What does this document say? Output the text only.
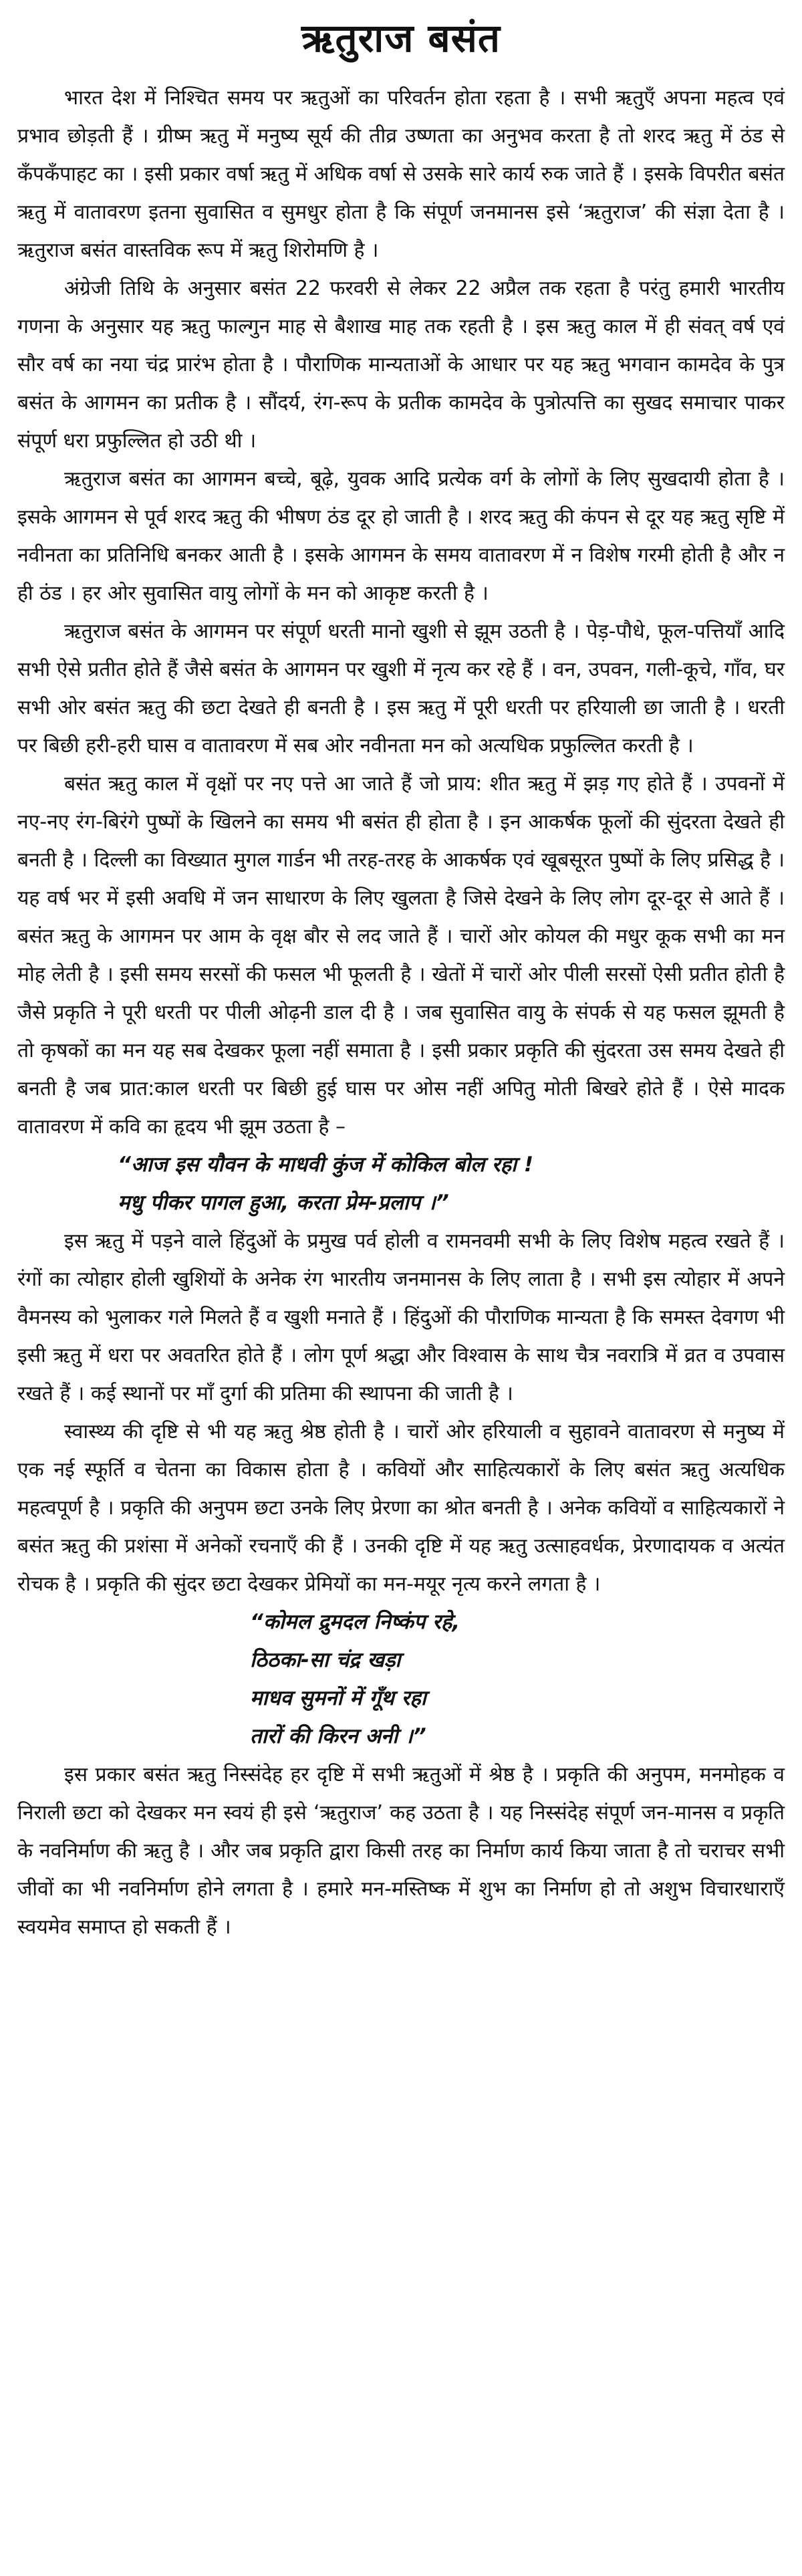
ऋतुराज बसंत

भारत देश में निश्चित समय पर ऋतुओं का परिवर्तन होता रहता है । सभी ऋतुएँ अपना महत्व एवं प्रभाव छोड़ती हैं । ग्रीष्म ऋतु में मनुष्य सूर्य की तीव्र उष्णता का अनुभव करता है तो शरद ऋतु में ठंड से कँपकँपाहट का । इसी प्रकार वर्षा ऋतु में अधिक वर्षा से उसके सारे कार्य रुक जाते हैं । इसके विपरीत बसंत ऋतु में वातावरण इतना सुवासित व सुमधुर होता है कि संपूर्ण जनमानस इसे ‘ऋतुराज’ की संज्ञा देता है । ऋतुराज बसंत वास्तविक रूप में ऋतु शिरोमणि है ।

अंग्रेजी तिथि के अनुसार बसंत 22 फरवरी से लेकर 22 अप्रैल तक रहता है परंतु हमारी भारतीय गणना के अनुसार यह ऋतु फाल्गुन माह से बैशाख माह तक रहती है । इस ऋतु काल में ही संवत् वर्ष एवं सौर वर्ष का नया चंद्र प्रारंभ होता है । पौराणिक मान्यताओं के आधार पर यह ऋतु भगवान कामदेव के पुत्र बसंत के आगमन का प्रतीक है । सौंदर्य, रंग-रूप के प्रतीक कामदेव के पुत्रोत्पत्ति का सुखद समाचार पाकर संपूर्ण धरा प्रफुल्लित हो उठी थी ।

ऋतुराज बसंत का आगमन बच्चे, बूढ़े, युवक आदि प्रत्येक वर्ग के लोगों के लिए सुखदायी होता है । इसके आगमन से पूर्व शरद ऋतु की भीषण ठंड दूर हो जाती है । शरद ऋतु की कंपन से दूर यह ऋतु सृष्टि में नवीनता का प्रतिनिधि बनकर आती है । इसके आगमन के समय वातावरण में न विशेष गरमी होती है और न ही ठंड । हर ओर सुवासित वायु लोगों के मन को आकृष्ट करती है ।

ऋतुराज बसंत के आगमन पर संपूर्ण धरती मानो खुशी से झूम उठती है । पेड़-पौधे, फूल-पत्तियाँ आदि सभी ऐसे प्रतीत होते हैं जैसे बसंत के आगमन पर खुशी में नृत्य कर रहे हैं । वन, उपवन, गली-कूचे, गाँव, घर सभी ओर बसंत ऋतु की छटा देखते ही बनती है । इस ऋतु में पूरी धरती पर हरियाली छा जाती है । धरती पर बिछी हरी-हरी घास व वातावरण में सब ओर नवीनता मन को अत्यधिक प्रफुल्लित करती है ।

बसंत ऋतु काल में वृक्षों पर नए पत्ते आ जाते हैं जो प्राय: शीत ऋतु में झड़ गए होते हैं । उपवनों में नए-नए रंग-बिरंगे पुष्पों के खिलने का समय भी बसंत ही होता है । इन आकर्षक फूलों की सुंदरता देखते ही बनती है । दिल्ली का विख्यात मुगल गार्डन भी तरह-तरह के आकर्षक एवं खूबसूरत पुष्पों के लिए प्रसिद्ध है । यह वर्ष भर में इसी अवधि में जन साधारण के लिए खुलता है जिसे देखने के लिए लोग दूर-दूर से आते हैं । बसंत ऋतु के आगमन पर आम के वृक्ष बौर से लद जाते हैं । चारों ओर कोयल की मधुर कूक सभी का मन मोह लेती है । इसी समय सरसों की फसल भी फूलती है । खेतों में चारों ओर पीली सरसों ऐसी प्रतीत होती है जैसे प्रकृति ने पूरी धरती पर पीली ओढ़नी डाल दी है । जब सुवासित वायु के संपर्क से यह फसल झूमती है तो कृषकों का मन यह सब देखकर फूला नहीं समाता है । इसी प्रकार प्रकृति की सुंदरता उस समय देखते ही बनती है जब प्रात:काल धरती पर बिछी हुई घास पर ओस नहीं अपितु मोती बिखरे होते हैं । ऐसे मादक वातावरण में कवि का हृदय भी झूम उठता है –

“आज इस यौवन के माधवी कुंज में कोकिल बोल रहा !
मधु पीकर पागल हुआ, करता प्रेम-प्रलाप ।”

इस ऋतु में पड़ने वाले हिंदुओं के प्रमुख पर्व होली व रामनवमी सभी के लिए विशेष महत्व रखते हैं । रंगों का त्योहार होली खुशियों के अनेक रंग भारतीय जनमानस के लिए लाता है । सभी इस त्योहार में अपने वैमनस्य को भुलाकर गले मिलते हैं व खुशी मनाते हैं । हिंदुओं की पौराणिक मान्यता है कि समस्त देवगण भी इसी ऋतु में धरा पर अवतरित होते हैं । लोग पूर्ण श्रद्धा और विश्वास के साथ चैत्र नवरात्रि में व्रत व उपवास रखते हैं । कई स्थानों पर माँ दुर्गा की प्रतिमा की स्थापना की जाती है ।

स्वास्थ्य की दृष्टि से भी यह ऋतु श्रेष्ठ होती है । चारों ओर हरियाली व सुहावने वातावरण से मनुष्य में एक नई स्फूर्ति व चेतना का विकास होता है । कवियों और साहित्यकारों के लिए बसंत ऋतु अत्यधिक महत्वपूर्ण है । प्रकृति की अनुपम छटा उनके लिए प्रेरणा का श्रोत बनती है । अनेक कवियों व साहित्यकारों ने बसंत ऋतु की प्रशंसा में अनेकों रचनाएँ की हैं । उनकी दृष्टि में यह ऋतु उत्साहवर्धक, प्रेरणादायक व अत्यंत रोचक है । प्रकृति की सुंदर छटा देखकर प्रेमियों का मन-मयूर नृत्य करने लगता है ।

“कोमल द्रुमदल निष्कंप रहे,
ठिठका-सा चंद्र खड़ा
माधव सुमनों में गूँथ रहा
तारों की किरन अनी ।”

इस प्रकार बसंत ऋतु निस्संदेह हर दृष्टि में सभी ऋतुओं में श्रेष्ठ है । प्रकृति की अनुपम, मनमोहक व निराली छटा को देखकर मन स्वयं ही इसे ‘ऋतुराज’ कह उठता है । यह निस्संदेह संपूर्ण जन-मानस व प्रकृति के नवनिर्माण की ऋतु है । और जब प्रकृति द्वारा किसी तरह का निर्माण कार्य किया जाता है तो चराचर सभी जीवों का भी नवनिर्माण होने लगता है । हमारे मन-मस्तिष्क में शुभ का निर्माण हो तो अशुभ विचारधाराएँ स्वयमेव समाप्त हो सकती हैं ।
